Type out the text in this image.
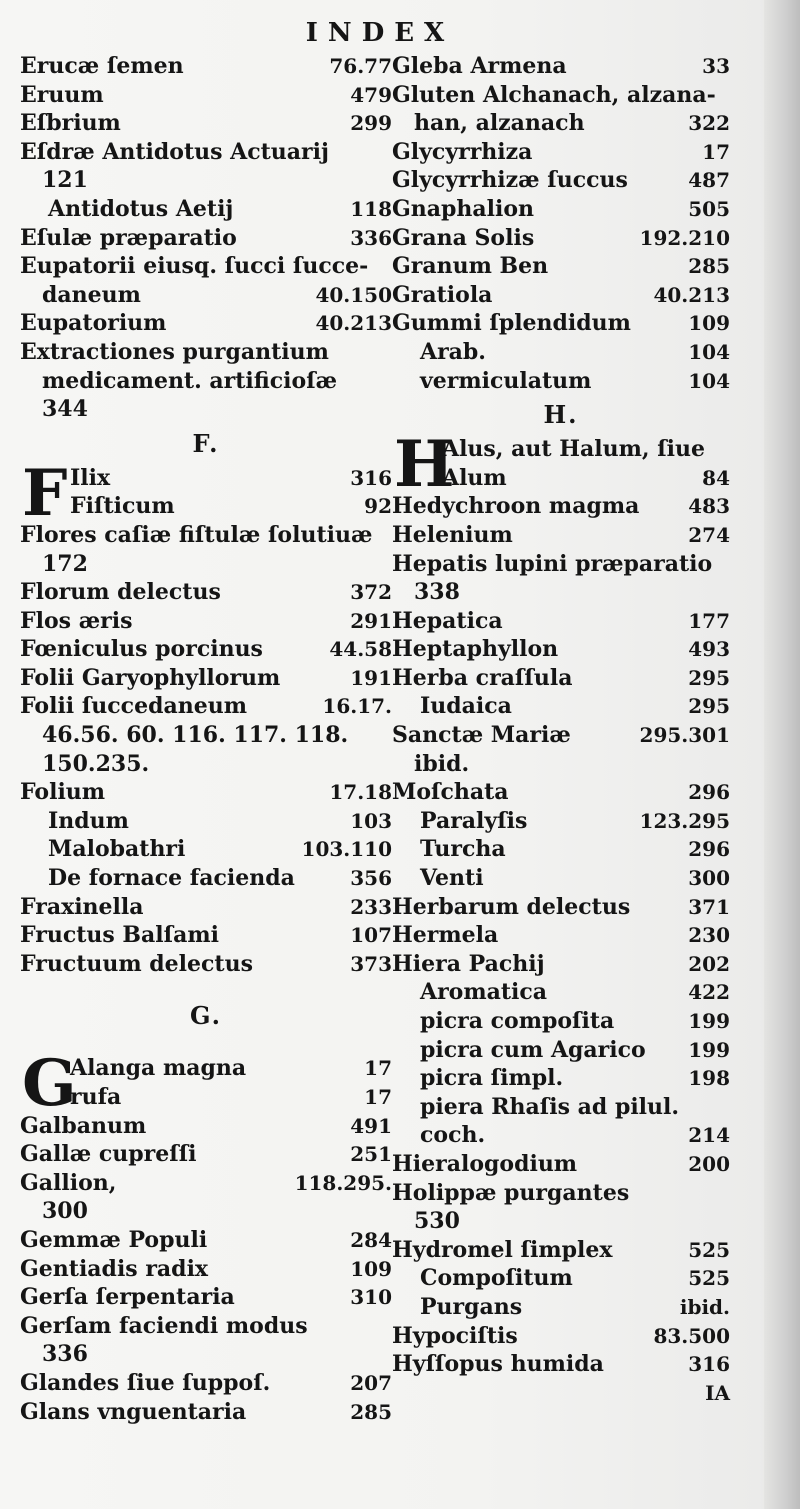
INDEX
Erucæ ſemen	76.77
Eruum	479
Eſbrium	299
Eſdræ Antidotus Actuarij
121
Antidotus Aetij	118
Eſulæ præparatio	336
Eupatorii eiusq. ſucci ſucce-
daneum	40.150
Eupatorium	40.213
Extractiones purgantium
medicament. artificioſæ
344
F.
F Ilix	316
Fiſticum	92
Flores caſiæ fiſtulæ ſolutiuæ
172
Florum delectus	372
Flos æris	291
Fœniculus porcinus	44.58
Folii Garyophyllorum	191
Folii ſuccedaneum	16.17.
46.56. 60. 116. 117. 118.
150.235.
Folium	17.18
Indum	103
Malobathri	103.110
De fornace facienda	356
Fraxinella	233
Fructus Balſami	107
Fructuum delectus	373
G.
G
Alanga magna	17
rufa	17
Galbanum	491
Gallæ cupreſſi	251
Gallion,	118.295.
300
Gemmæ Populi	284
Gentiadis radix	109
Gerſa ſerpentaria	310
Gerſam faciendi modus
336
Glandes ſiue ſuppoſ.	207
Glans vnguentaria	285
Gleba Armena	33
Gluten Alchanach, alzana-
han, alzanach	322
Glycyrrhiza	17
Glycyrrhizæ ſuccus	487
Gnaphalion	505
Grana Solis	192.210
Granum Ben	285
Gratiola	40.213
Gummi ſplendidum	109
Arab.	104
vermiculatum	104
H.
H
Alus, aut Halum, ſiue
Alum	84
Hedychroon magma 483
Helenium	274
Hepatis lupini præparatio
338
Hepatica	177
Heptaphyllon	493
Herba craſſula	295
Iudaica	295
Sanctæ Mariæ	295.301
ibid.
Moſchata	296
Paralyſis	123.295
Turcha	296
Venti	300
Herbarum delectus	371
Hermela	230
Hiera Pachij	202
Aromatica	422
picra compoſita	199
picra cum Agarico 199
picra ſimpl.	198
piera Rhaſis ad pilul.
coch.	214
Hieralogodium	200
Holippæ purgantes
530
Hydromel ſimplex	525
Compoſitum	525
Purgans	ibid.
Hypociſtis	83.500
Hyſſopus humida	316
IA
